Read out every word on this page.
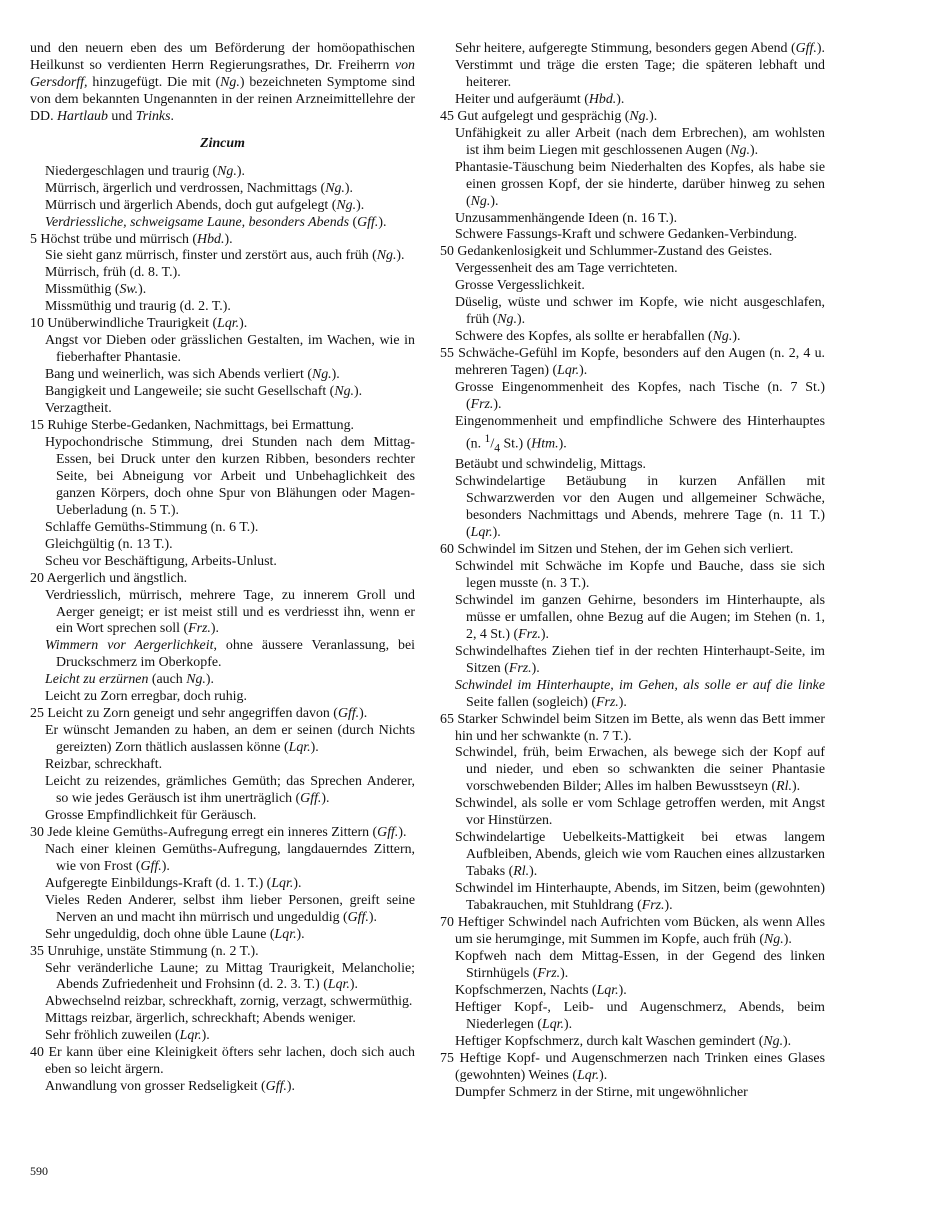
und den neuern eben des um Beförderung der homöopathischen Heilkunst so verdienten Herrn Regierungsrathes, Dr. Freiherrn von Gersdorff, hinzugefügt. Die mit (Ng.) bezeichneten Symptome sind von dem bekannten Ungenannten in der reinen Arzneimittellehre der DD. Hartlaub und Trinks.

Zincum

Niedergeschlagen und traurig (Ng.).

Mürrisch, ärgerlich und verdrossen, Nachmittags (Ng.).

Mürrisch und ärgerlich Abends, doch gut aufgelegt (Ng.).

Verdriessliche, schweigsame Laune, besonders Abends (Gff.).

5 Höchst trübe und mürrisch (Hbd.).

Sie sieht ganz mürrisch, finster und zerstört aus, auch früh (Ng.).

Mürrisch, früh (d. 8. T.).

Missmüthig (Sw.).

Missmüthig und traurig (d. 2. T.).

10 Unüberwindliche Traurigkeit (Lqr.).

Angst vor Dieben oder grässlichen Gestalten, im Wachen, wie in fieberhafter Phantasie.

Bang und weinerlich, was sich Abends verliert (Ng.).

Bangigkeit und Langeweile; sie sucht Gesellschaft (Ng.).

Verzagtheit.

15 Ruhige Sterbe-Gedanken, Nachmittags, bei Ermattung.

Hypochondrische Stimmung, drei Stunden nach dem Mittag-Essen, bei Druck unter den kurzen Ribben, besonders rechter Seite, bei Abneigung vor Arbeit und Unbehaglichkeit des ganzen Körpers, doch ohne Spur von Blähungen oder Magen-Ueberladung (n. 5 T.).

Schlaffe Gemüths-Stimmung (n. 6 T.).

Gleichgültig (n. 13 T.).

Scheu vor Beschäftigung, Arbeits-Unlust.

20 Aergerlich und ängstlich.

Verdriesslich, mürrisch, mehrere Tage, zu innerem Groll und Aerger geneigt; er ist meist still und es verdriesst ihn, wenn er ein Wort sprechen soll (Frz.).

Wimmern vor Aergerlichkeit, ohne äussere Veranlassung, bei Druckschmerz im Oberkopfe.

Leicht zu erzürnen (auch Ng.).

Leicht zu Zorn erregbar, doch ruhig.

25 Leicht zu Zorn geneigt und sehr angegriffen davon (Gff.).

Er wünscht Jemanden zu haben, an dem er seinen (durch Nichts gereizten) Zorn thätlich auslassen könne (Lqr.).

Reizbar, schreckhaft.

Leicht zu reizendes, grämliches Gemüth; das Sprechen Anderer, so wie jedes Geräusch ist ihm unerträglich (Gff.).

Grosse Empfindlichkeit für Geräusch.

30 Jede kleine Gemüths-Aufregung erregt ein inneres Zittern (Gff.).

Nach einer kleinen Gemüths-Aufregung, langdauerndes Zittern, wie von Frost (Gff.).

Aufgeregte Einbildungs-Kraft (d. 1. T.) (Lqr.).

Vieles Reden Anderer, selbst ihm lieber Personen, greift seine Nerven an und macht ihn mürrisch und ungeduldig (Gff.).

Sehr ungeduldig, doch ohne üble Laune (Lqr.).

35 Unruhige, unstäte Stimmung (n. 2 T.).

Sehr veränderliche Laune; zu Mittag Traurigkeit, Melancholie; Abends Zufriedenheit und Frohsinn (d. 2. 3. T.) (Lqr.).

Abwechselnd reizbar, schreckhaft, zornig, verzagt, schwermüthig.

Mittags reizbar, ärgerlich, schreckhaft; Abends weniger.

Sehr fröhlich zuweilen (Lqr.).

40 Er kann über eine Kleinigkeit öfters sehr lachen, doch sich auch eben so leicht ärgern.

Anwandlung von grosser Redseligkeit (Gff.).

Sehr heitere, aufgeregte Stimmung, besonders gegen Abend (Gff.).

Verstimmt und träge die ersten Tage; die späteren lebhaft und heiterer.

Heiter und aufgeräumt (Hbd.).

45 Gut aufgelegt und gesprächig (Ng.).

Unfähigkeit zu aller Arbeit (nach dem Erbrechen), am wohlsten ist ihm beim Liegen mit geschlossenen Augen (Ng.).

Phantasie-Täuschung beim Niederhalten des Kopfes, als habe sie einen grossen Kopf, der sie hinderte, darüber hinweg zu sehen (Ng.).

Unzusammenhängende Ideen (n. 16 T.).

Schwere Fassungs-Kraft und schwere Gedanken-Verbindung.

50 Gedankenlosigkeit und Schlummer-Zustand des Geistes.

Vergessenheit des am Tage verrichteten.

Grosse Vergesslichkeit.

Düselig, wüste und schwer im Kopfe, wie nicht ausgeschlafen, früh (Ng.).

Schwere des Kopfes, als sollte er herabfallen (Ng.).

55 Schwäche-Gefühl im Kopfe, besonders auf den Augen (n. 2, 4 u. mehreren Tagen) (Lqr.).

Grosse Eingenommenheit des Kopfes, nach Tische (n. 7 St.) (Frz.).

Eingenommenheit und empfindliche Schwere des Hinterhauptes (n. $^1/_4$ St.) (Htm.).

Betäubt und schwindelig, Mittags.

Schwindelartige Betäubung in kurzen Anfällen mit Schwarzwerden vor den Augen und allgemeiner Schwäche, besonders Nachmittags und Abends, mehrere Tage (n. 11 T.) (Lqr.).

60 Schwindel im Sitzen und Stehen, der im Gehen sich verliert.

Schwindel mit Schwäche im Kopfe und Bauche, dass sie sich legen musste (n. 3 T.).

Schwindel im ganzen Gehirne, besonders im Hinterhaupte, als müsse er umfallen, ohne Bezug auf die Augen; im Stehen (n. 1, 2, 4 St.) (Frz.).

Schwindelhaftes Ziehen tief in der rechten Hinterhaupt-Seite, im Sitzen (Frz.).

Schwindel im Hinterhaupte, im Gehen, als solle er auf die linke Seite fallen (sogleich) (Frz.).

65 Starker Schwindel beim Sitzen im Bette, als wenn das Bett immer hin und her schwankte (n. 7 T.).

Schwindel, früh, beim Erwachen, als bewege sich der Kopf auf und nieder, und eben so schwankten die seiner Phantasie vorschwebenden Bilder; Alles im halben Bewusstseyn (Rl.).

Schwindel, als solle er vom Schlage getroffen werden, mit Angst vor Hinstürzen.

Schwindelartige Uebelkeits-Mattigkeit bei etwas langem Aufbleiben, Abends, gleich wie vom Rauchen eines allzustarken Tabaks (Rl.).

Schwindel im Hinterhaupte, Abends, im Sitzen, beim (gewohnten) Tabakrauchen, mit Stuhldrang (Frz.).

70 Heftiger Schwindel nach Aufrichten vom Bücken, als wenn Alles um sie herumginge, mit Summen im Kopfe, auch früh (Ng.).

Kopfweh nach dem Mittag-Essen, in der Gegend des linken Stirnhügels (Frz.).

Kopfschmerzen, Nachts (Lqr.).

Heftiger Kopf-, Leib- und Augenschmerz, Abends, beim Niederlegen (Lqr.).

Heftiger Kopfschmerz, durch kalt Waschen gemindert (Ng.).

75 Heftige Kopf- und Augenschmerzen nach Trinken eines Glases (gewohnten) Weines (Lqr.).

Dumpfer Schmerz in der Stirne, mit ungewöhnlicher

590
